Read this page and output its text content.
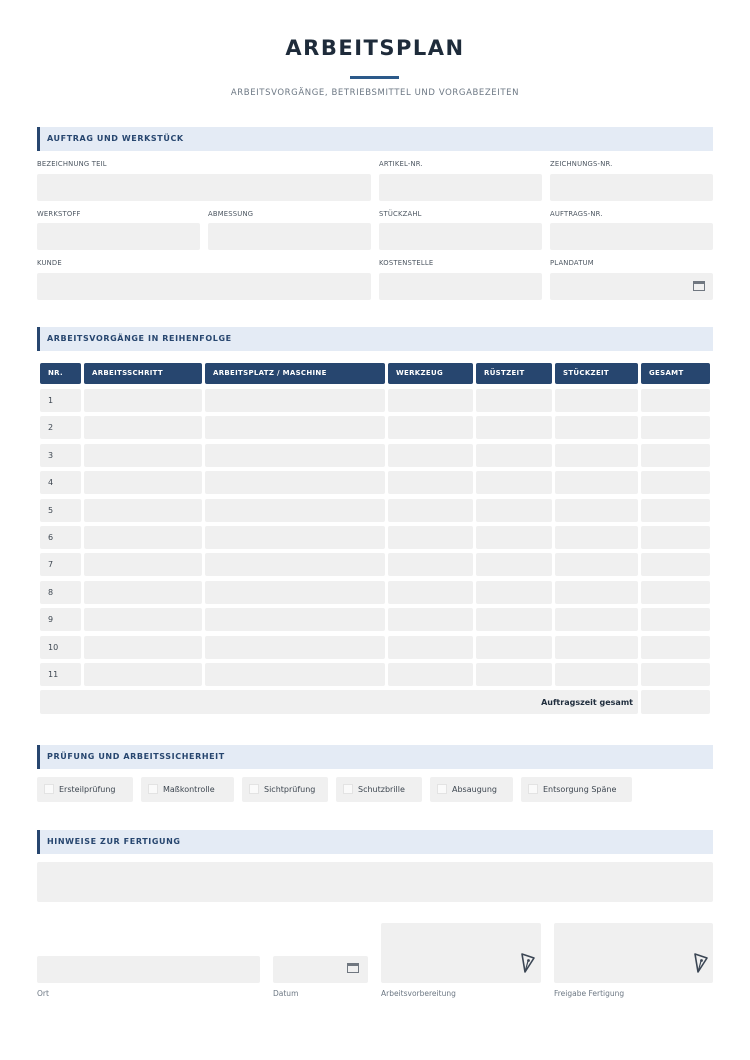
ARBEITSPLAN
ARBEITSVORGÄNGE, BETRIEBSMITTEL UND VORGABEZEITEN
AUFTRAG UND WERKSTÜCK
BEZEICHNUNG TEIL	ARTIKEL-NR.	ZEICHNUNGS-NR.
WERKSTOFF	ABMESSUNG	STÜCKZAHL	AUFTRAGS-NR.
KUNDE	KOSTENSTELLE	PLANDATUM
ARBEITSVORGÄNGE IN REIHENFOLGE
NR.	ARBEITSSCHRITT	ARBEITSPLATZ / MASCHINE	WERKZEUG	RÜSTZEIT	STÜCKZEIT	GESAMT
1
2
3
4
5
6
7
8
9
10
11
Auftragszeit gesamt
PRÜFUNG UND ARBEITSSICHERHEIT
Ersteilprüfung	Maßkontrolle	Sichtprüfung	Schutzbrille	Absaugung	Entsorgung Späne
HINWEISE ZUR FERTIGUNG
Ort	Datum	Arbeitsvorbereitung	Freigabe Fertigung
